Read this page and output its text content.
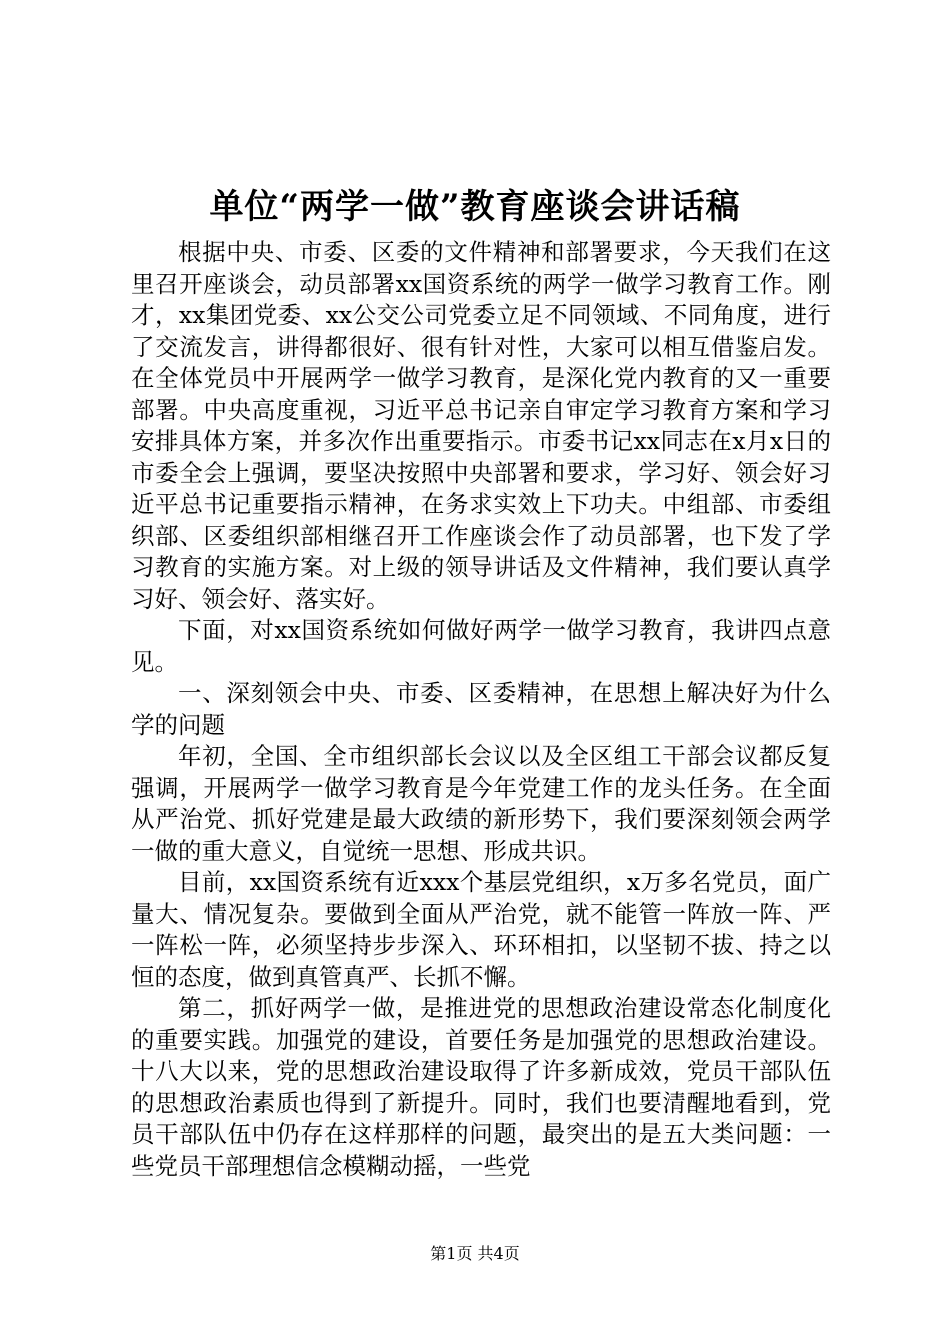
单位“两学一做”教育座谈会讲话稿

根据中央、市委、区委的文件精神和部署要求，今天我们在这里召开座谈会，动员部署xx国资系统的两学一做学习教育工作。刚才，xx集团党委、xx公交公司党委立足不同领域、不同角度，进行了交流发言，讲得都很好、很有针对性，大家可以相互借鉴启发。在全体党员中开展两学一做学习教育，是深化党内教育的又一重要部署。中央高度重视，习近平总书记亲自审定学习教育方案和学习安排具体方案，并多次作出重要指示。市委书记xx同志在x月x日的市委全会上强调，要坚决按照中央部署和要求，学习好、领会好习近平总书记重要指示精神，在务求实效上下功夫。中组部、市委组织部、区委组织部相继召开工作座谈会作了动员部署，也下发了学习教育的实施方案。对上级的领导讲话及文件精神，我们要认真学习好、领会好、落实好。

下面，对xx国资系统如何做好两学一做学习教育，我讲四点意见。

一、深刻领会中央、市委、区委精神，在思想上解决好为什么学的问题

年初，全国、全市组织部长会议以及全区组工干部会议都反复强调，开展两学一做学习教育是今年党建工作的龙头任务。在全面从严治党、抓好党建是最大政绩的新形势下，我们要深刻领会两学一做的重大意义，自觉统一思想、形成共识。

目前，xx国资系统有近xxx个基层党组织，x万多名党员，面广量大、情况复杂。要做到全面从严治党，就不能管一阵放一阵、严一阵松一阵，必须坚持步步深入、环环相扣，以坚韧不拔、持之以恒的态度，做到真管真严、长抓不懈。

第二，抓好两学一做，是推进党的思想政治建设常态化制度化的重要实践。加强党的建设，首要任务是加强党的思想政治建设。十八大以来，党的思想政治建设取得了许多新成效，党员干部队伍的思想政治素质也得到了新提升。同时，我们也要清醒地看到，党员干部队伍中仍存在这样那样的问题，最突出的是五大类问题：一些党员干部理想信念模糊动摇，一些党

第1页 共4页
